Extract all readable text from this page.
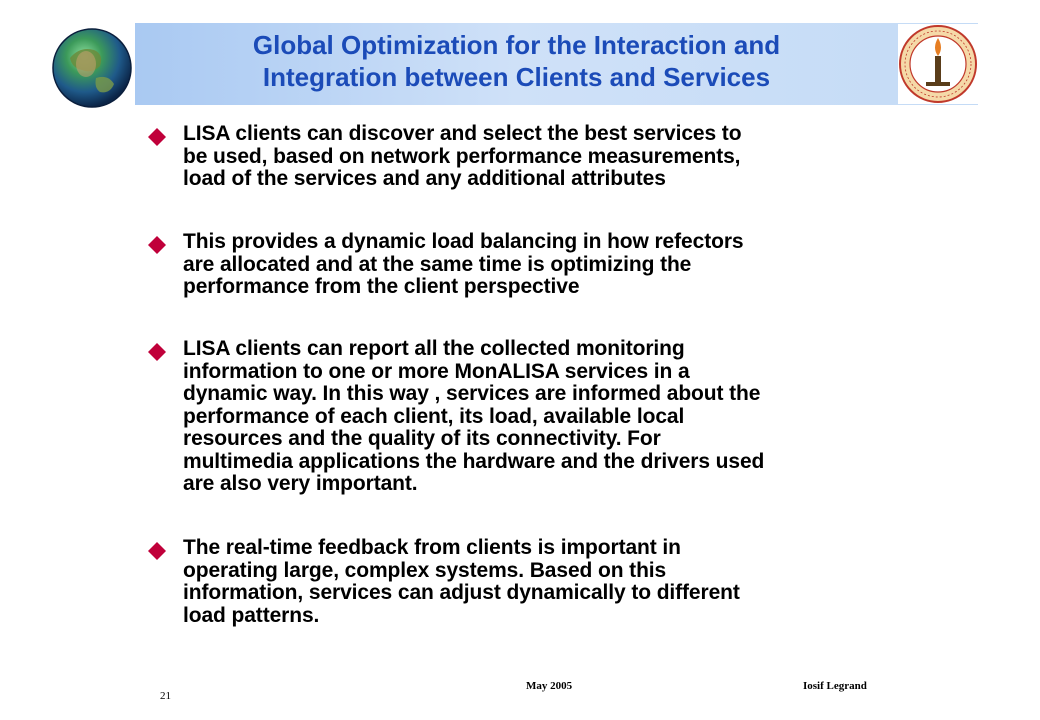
Global Optimization for the Interaction and
Integration between Clients and Services
LISA clients can discover and select the best services to
be used, based on network performance measurements,
load of the services and any additional attributes
This provides a dynamic load balancing in how refectors
are allocated and at the same time is optimizing the
performance from the client perspective
LISA clients can report all the collected monitoring
information to one or more MonALISA services in a
dynamic way. In this way , services are informed about the
performance of each client, its load, available local
resources and the quality of its connectivity. For
multimedia applications the hardware and the drivers used
are also very important.
The real-time feedback from clients is important in
operating large, complex systems. Based on this
information, services can adjust dynamically to different
load patterns.
21
May 2005	Iosif Legrand
